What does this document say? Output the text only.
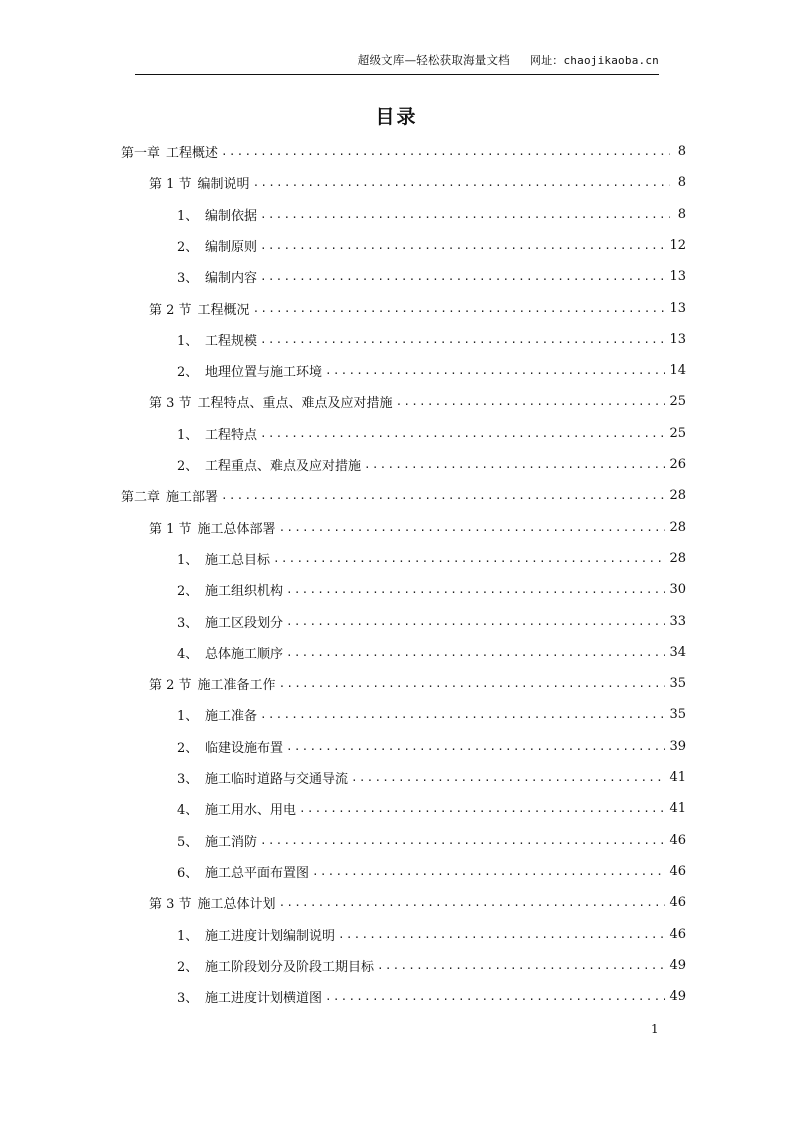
超级文库—轻松获取海量文档 网址：chaojikaoba.cn
目录
第一章 工程概述 .....	8
第 1 节 编制说明 .....	8
1、 编制依据 .....	8
2、 编制原则 .....	12
3、 编制内容 .....	13
第 2 节 工程概况 .....	13
1、 工程规模 .....	13
2、 地理位置与施工环境 .....	14
第 3 节 工程特点、重点、难点及应对措施 .....	25
1、 工程特点 .....	25
2、 工程重点、难点及应对措施 .....	26
第二章 施工部署 .....	28
第 1 节 施工总体部署 .....	28
1、 施工总目标 .....	28
2、 施工组织机构 .....	30
3、 施工区段划分 .....	33
4、 总体施工顺序 .....	34
第 2 节 施工准备工作 .....	35
1、 施工准备 .....	35
2、 临建设施布置 .....	39
3、 施工临时道路与交通导流 .....	41
4、 施工用水、用电 .....	41
5、 施工消防 .....	46
6、 施工总平面布置图 .....	46
第 3 节 施工总体计划 .....	46
1、 施工进度计划编制说明 .....	46
2、 施工阶段划分及阶段工期目标 .....	49
3、 施工进度计划横道图 .....	49
1
